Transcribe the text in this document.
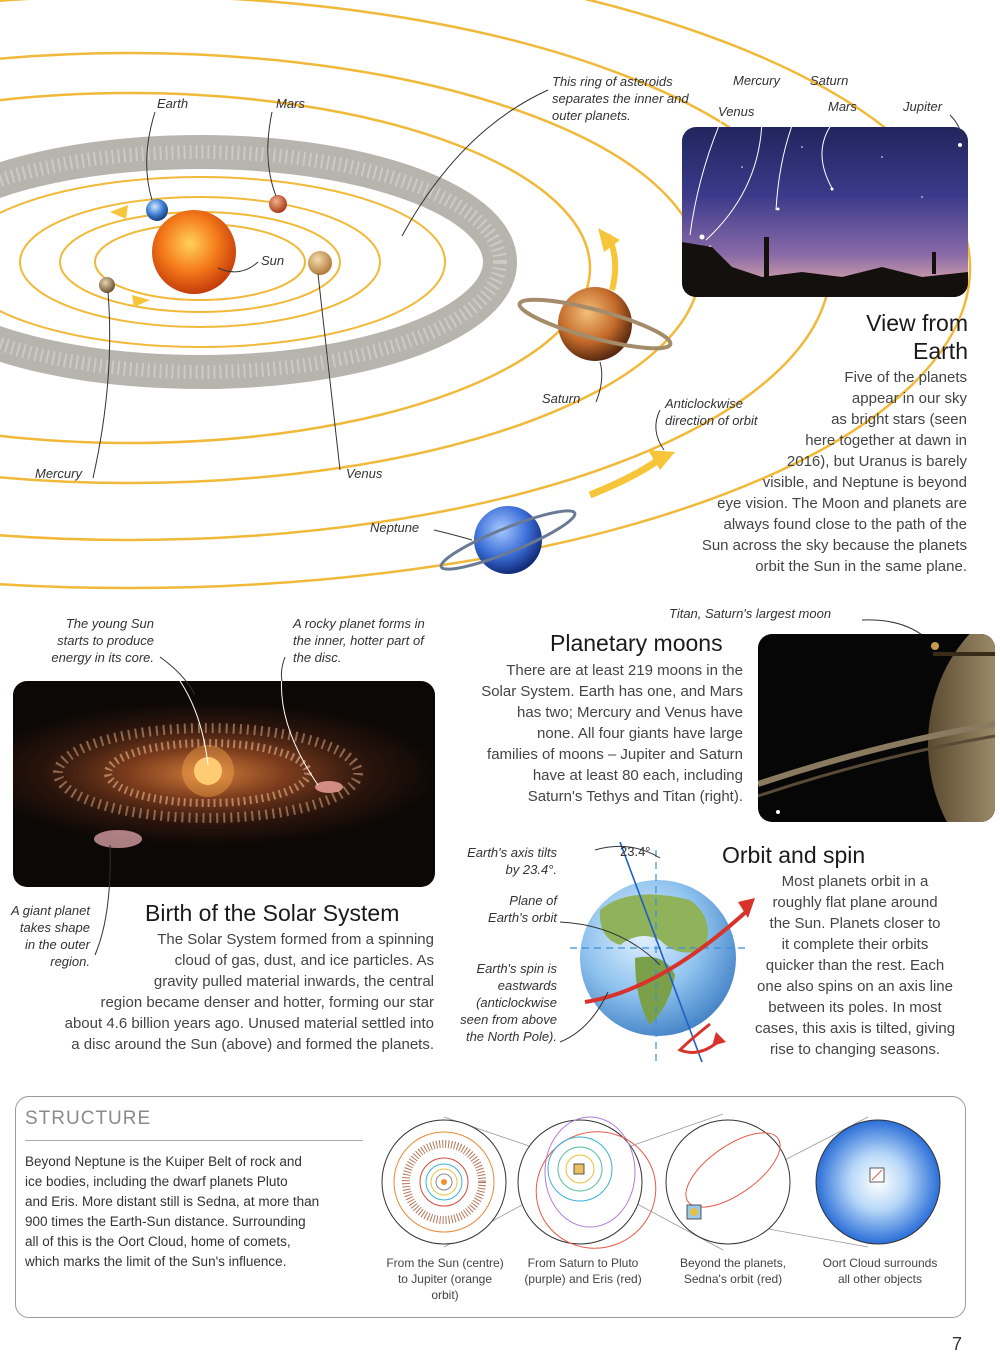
Earth	Mars
Sun
Mercury	Venus
Saturn
Neptune
This ring of asteroids separates the inner and outer planets.
Anticlockwise direction of orbit
Mercury Saturn
Venus	Mars	Jupiter
View from
Earth
Five of the planets
appear in our sky
as bright stars (seen
here together at dawn in
2016), but Uranus is barely
visible, and Neptune is beyond
eye vision. The Moon and planets are
always found close to the path of the
Sun across the sky because the planets
orbit the Sun in the same plane.
The young Sun starts to produce energy in its core.
A rocky planet forms in the inner, hotter part of the disc.
A giant planet takes shape in the outer region.
Birth of the Solar System
The Solar System formed from a spinning
cloud of gas, dust, and ice particles. As
gravity pulled material inwards, the central
region became denser and hotter, forming our star
about 4.6 billion years ago. Unused material settled into
a disc around the Sun (above) and formed the planets.
Titan, Saturn's largest moon
Planetary moons
There are at least 219 moons in the
Solar System. Earth has one, and Mars
has two; Mercury and Venus have
none. All four giants have large
families of moons – Jupiter and Saturn
have at least 80 each, including
Saturn's Tethys and Titan (right).
Earth's axis tilts by 23.4°.
Plane of Earth's orbit
Earth's spin is eastwards (anticlockwise seen from above the North Pole).
23.4°	Orbit and spin
Most planets orbit in a
roughly flat plane around
the Sun. Planets closer to
it complete their orbits
quicker than the rest. Each
one also spins on an axis line
between its poles. In most
cases, this axis is tilted, giving
rise to changing seasons.
STRUCTURE
Beyond Neptune is the Kuiper Belt of rock and
ice bodies, including the dwarf planets Pluto
and Eris. More distant still is Sedna, at more than
900 times the Earth-Sun distance. Surrounding
all of this is the Oort Cloud, home of comets,
which marks the limit of the Sun's influence.	From the Sun (centre) to Jupiter (orange orbit)
From Saturn to Pluto (purple) and Eris (red)
Beyond the planets, Sedna's orbit (red)
Oort Cloud surrounds all other objects
7
